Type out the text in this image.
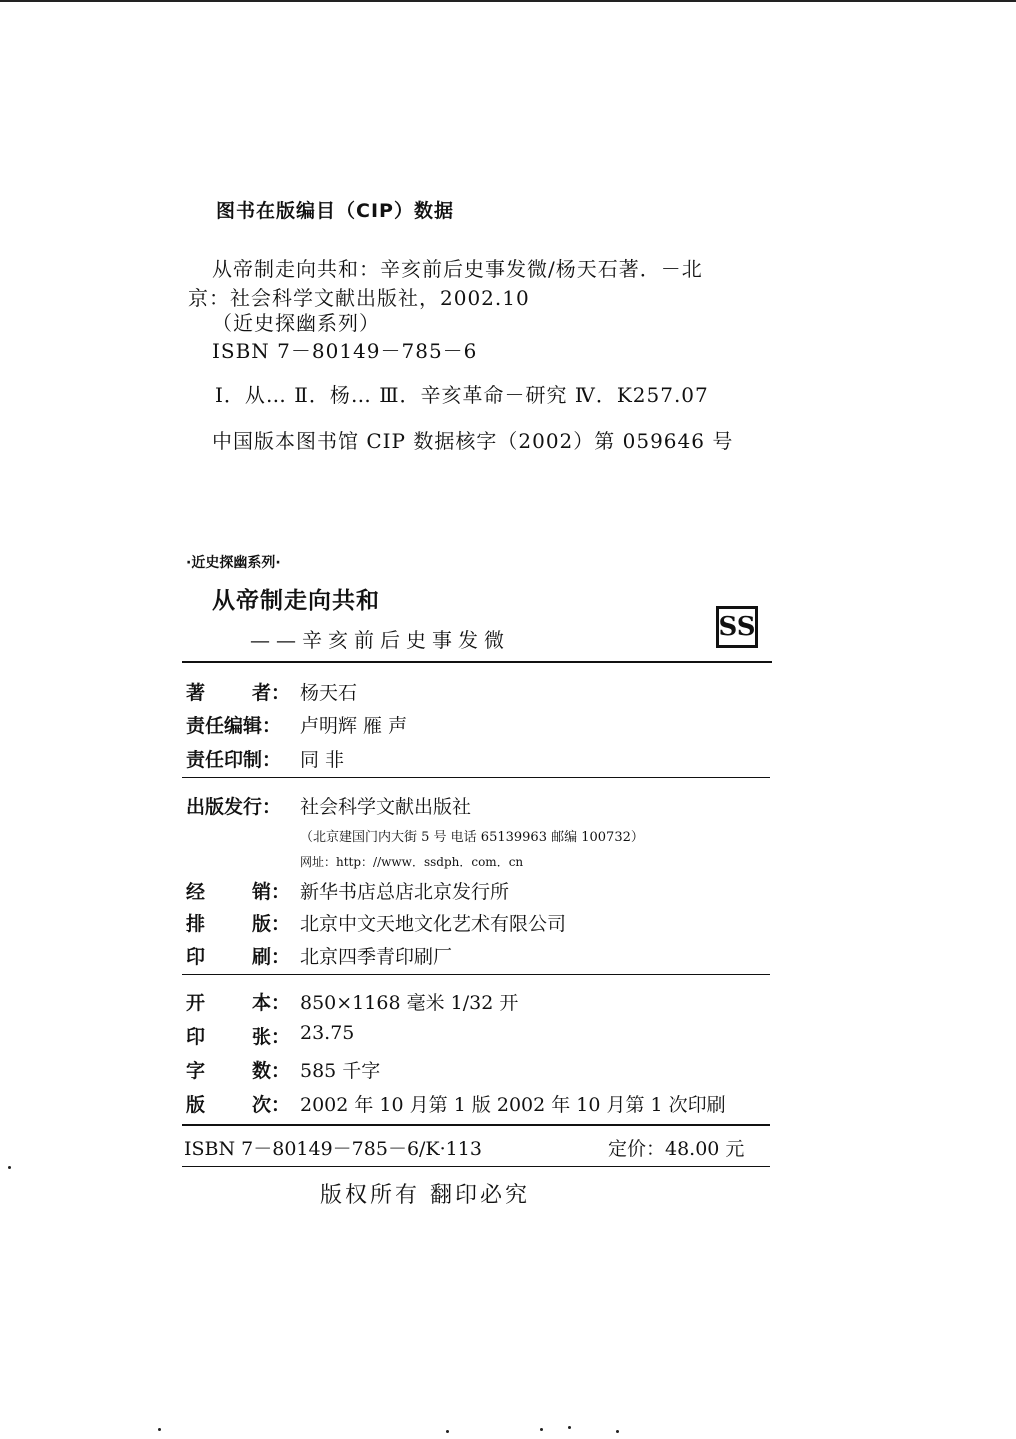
图书在版编目（CIP）数据
从帝制走向共和：辛亥前后史事发微/杨天石著．－北
京：社会科学文献出版社，2002.10
（近史探幽系列）
ISBN 7－80149－785－6
Ⅰ．从… Ⅱ．杨… Ⅲ．辛亥革命－研究 Ⅳ．K257.07
中国版本图书馆 CIP 数据核字（2002）第 059646 号
·近史探幽系列·
从帝制走向共和
——辛亥前后史事发微	SS
著 者： 杨天石
责任编辑： 卢明辉 雁 声
责任印制： 同 非
出版发行： 社会科学文献出版社
（北京建国门内大街 5 号 电话 65139963 邮编 100732）
网址：http：//www．ssdph．com．cn
经 销： 新华书店总店北京发行所
排 版： 北京中文天地文化艺术有限公司
印 刷： 北京四季青印刷厂
开 本： 850×1168 毫米 1/32 开
印 张： 23.75
字 数： 585 千字
版 次： 2002 年 10 月第 1 版 2002 年 10 月第 1 次印刷
ISBN 7－80149－785－6/K·113	定价：48.00 元
版权所有 翻印必究
